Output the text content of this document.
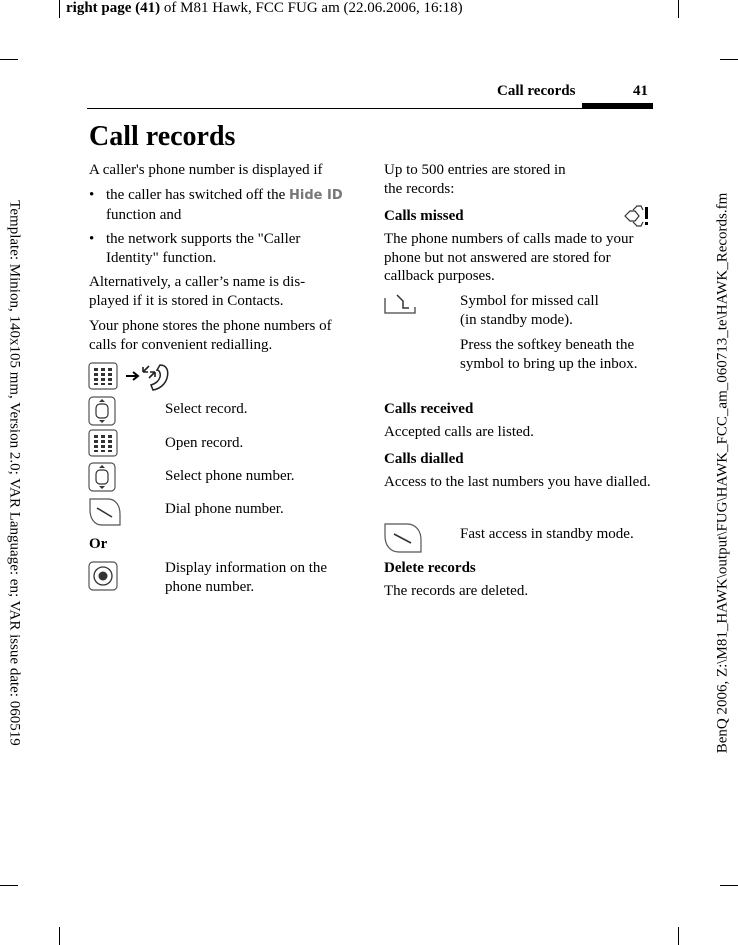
right page (41) of M81 Hawk, FCC FUG am (22.06.2006, 16:18)
Template: Minion, 140x105 mm, Version 2.0; VAR Language: en; VAR issue date: 060519	BenQ 2006, Z:\M81_HAWK\output\FUG\HAWK_FCC_am_060713_te\HAWK_Records.fm
Call records	41
Call records
A caller's phone number is displayed if
• the caller has switched off the Hide ID function and
• the network supports the "Caller Identity" function.
Alternatively, a caller’s name is dis-
played if it is stored in Contacts.
Your phone stores the phone numbers of calls for convenient redialling.
Select record.
Open record.
Select phone number.
Dial phone number.
Or
Display information on the phone number.
Up to 500 entries are stored in
the records:
Calls missed
The phone numbers of calls made to your phone but not answered are stored for callback purposes.
Symbol for missed call
(in standby mode).
Press the softkey beneath the symbol to bring up the inbox.
Calls received
Accepted calls are listed.
Calls dialled
Access to the last numbers you have dialled.
Fast access in standby mode.
Delete records
The records are deleted.
